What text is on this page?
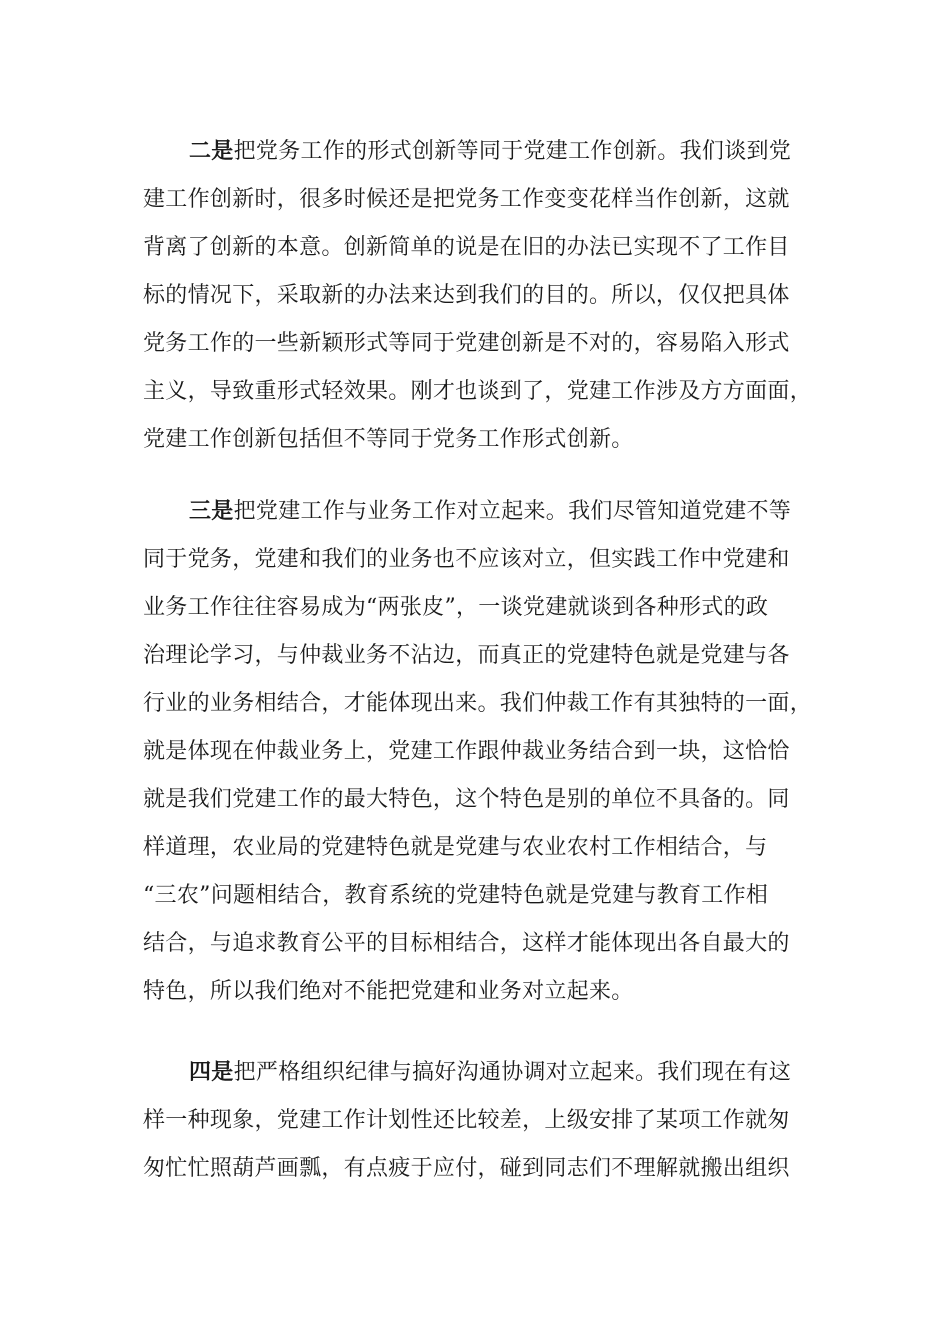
二是把党务工作的形式创新等同于党建工作创新。我们谈到党
建工作创新时，很多时候还是把党务工作变变花样当作创新，这就
背离了创新的本意。创新简单的说是在旧的办法已实现不了工作目
标的情况下，采取新的办法来达到我们的目的。所以，仅仅把具体
党务工作的一些新颖形式等同于党建创新是不对的，容易陷入形式
主义，导致重形式轻效果。刚才也谈到了，党建工作涉及方方面面，
党建工作创新包括但不等同于党务工作形式创新。
三是把党建工作与业务工作对立起来。我们尽管知道党建不等
同于党务，党建和我们的业务也不应该对立，但实践工作中党建和
业务工作往往容易成为“两张皮”，一谈党建就谈到各种形式的政
治理论学习，与仲裁业务不沾边，而真正的党建特色就是党建与各
行业的业务相结合，才能体现出来。我们仲裁工作有其独特的一面，
就是体现在仲裁业务上，党建工作跟仲裁业务结合到一块，这恰恰
就是我们党建工作的最大特色，这个特色是别的单位不具备的。同
样道理，农业局的党建特色就是党建与农业农村工作相结合，与
“三农”问题相结合，教育系统的党建特色就是党建与教育工作相
结合，与追求教育公平的目标相结合，这样才能体现出各自最大的
特色，所以我们绝对不能把党建和业务对立起来。
四是把严格组织纪律与搞好沟通协调对立起来。我们现在有这
样一种现象，党建工作计划性还比较差，上级安排了某项工作就匆
匆忙忙照葫芦画瓢，有点疲于应付，碰到同志们不理解就搬出组织
